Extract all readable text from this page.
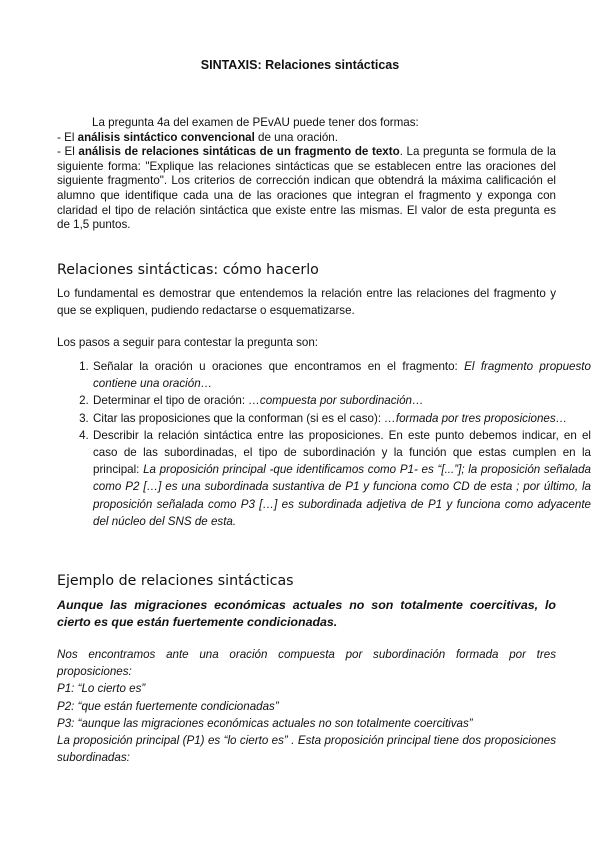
SINTAXIS: Relaciones sintácticas

La pregunta 4a del examen de PEvAU puede tener dos formas:

- El análisis sintáctico convencional de una oración.

- El análisis de relaciones sintáticas de un fragmento de texto. La pregunta se formula de la siguiente forma: "Explique las relaciones sintácticas que se establecen entre las oraciones del siguiente fragmento". Los criterios de corrección indican que obtendrá la máxima calificación el alumno que identifique cada una de las oraciones que integran el fragmento y exponga con claridad el tipo de relación sintáctica que existe entre las mismas. El valor de esta pregunta es de 1,5 puntos.

Relaciones sintácticas: cómo hacerlo

Lo fundamental es demostrar que entendemos la relación entre las relaciones del fragmento y que se expliquen, pudiendo redactarse o esquematizarse.

Los pasos a seguir para contestar la pregunta son:

1. Señalar la oración u oraciones que encontramos en el fragmento: El fragmento propuesto contiene una oración…
2. Determinar el tipo de oración: …compuesta por subordinación…
3. Citar las proposiciones que la conforman (si es el caso): …formada por tres proposiciones…
4. Describir la relación sintáctica entre las proposiciones. En este punto debemos indicar, en el caso de las subordinadas, el tipo de subordinación y la función que estas cumplen en la principal: La proposición principal -que identificamos como P1- es “[...”]; la proposición señalada como P2 […] es una subordinada sustantiva de P1 y funciona como CD de esta ; por último, la proposición señalada como P3 […] es subordinada adjetiva de P1 y funciona como adyacente del núcleo del SNS de esta.
Ejemplo de relaciones sintácticas

Aunque las migraciones económicas actuales no son totalmente coercitivas, lo cierto es que están fuertemente condicionadas.

Nos encontramos ante una oración compuesta por subordinación formada por tres proposiciones:

P1: “Lo cierto es”

P2: “que están fuertemente condicionadas”

P3: “aunque las migraciones económicas actuales no son totalmente coercitivas”

La proposición principal (P1) es “lo cierto es” . Esta proposición principal tiene dos proposiciones subordinadas:
